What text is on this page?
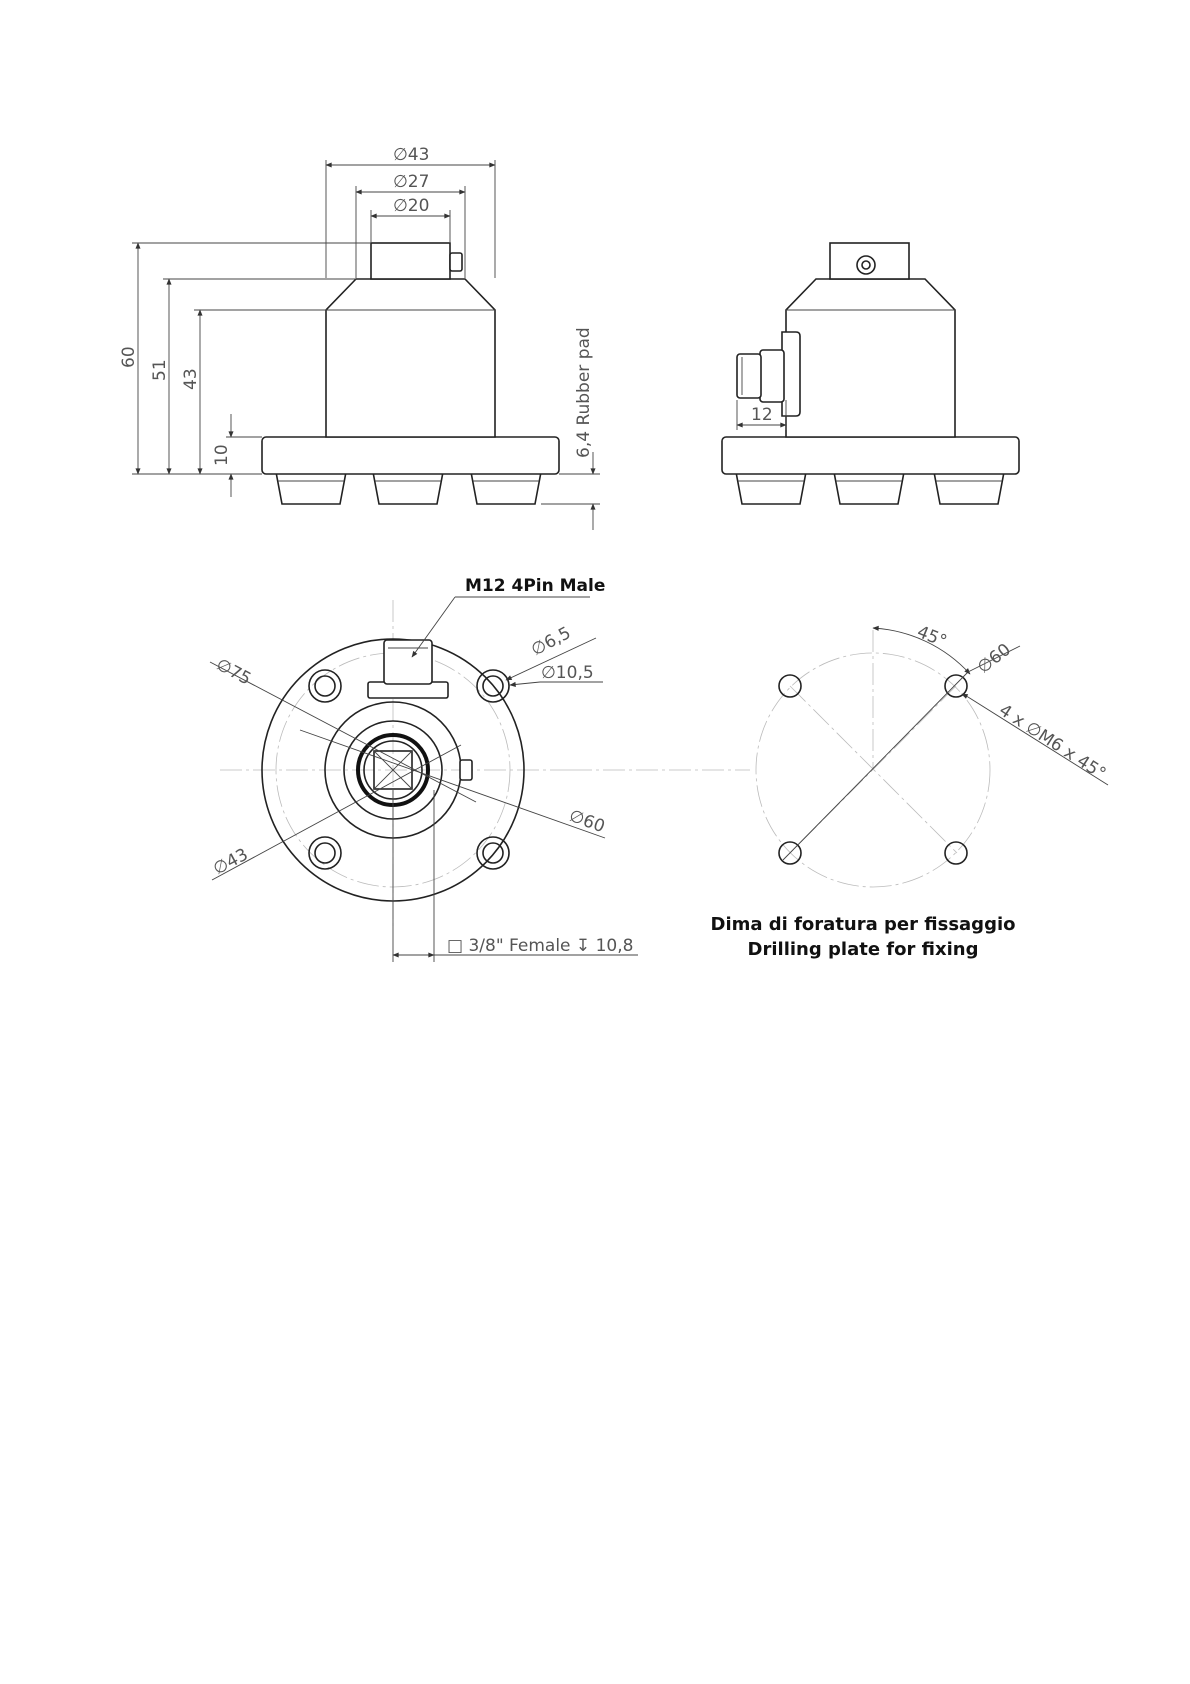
∅43
∅27
∅20
60
51 43
10	6,4 Rubber pad	12
M12 4Pin Male
∅75
∅6,5
∅10,5
∅60
∅43
□ 3/8" Female ↧ 10,8
45°
∅60
4 x ∅M6 x 45°
Dima di foratura per fissaggio
Drilling plate for fixing
